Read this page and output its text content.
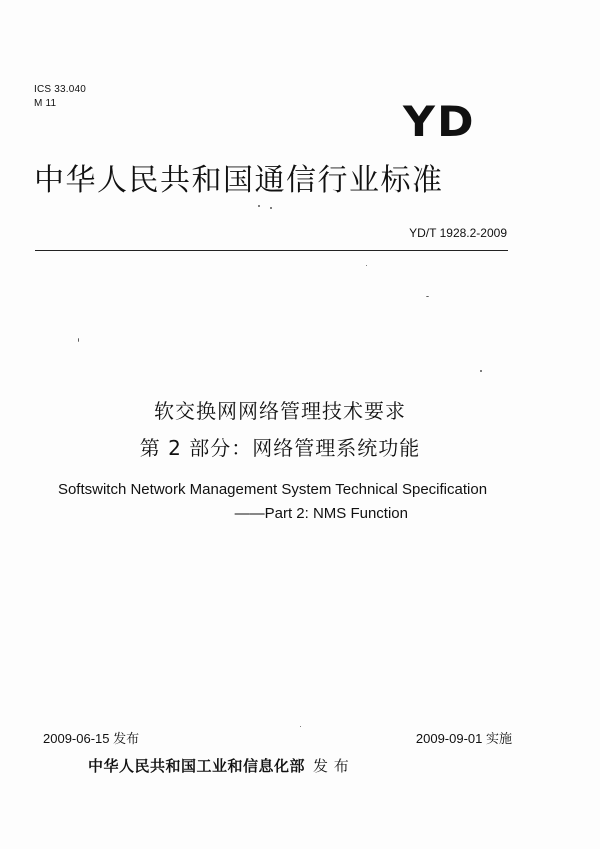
ICS 33.040
M 11	YD
中华人民共和国通信行业标准
YD/T 1928.2-2009
软交换网网络管理技术要求
第 2 部分：网络管理系统功能
Softswitch Network Management System Technical Specification
——Part 2: NMS Function
2009-06-15 发布	2009-09-01 实施
中华人民共和国工业和信息化部 发 布
